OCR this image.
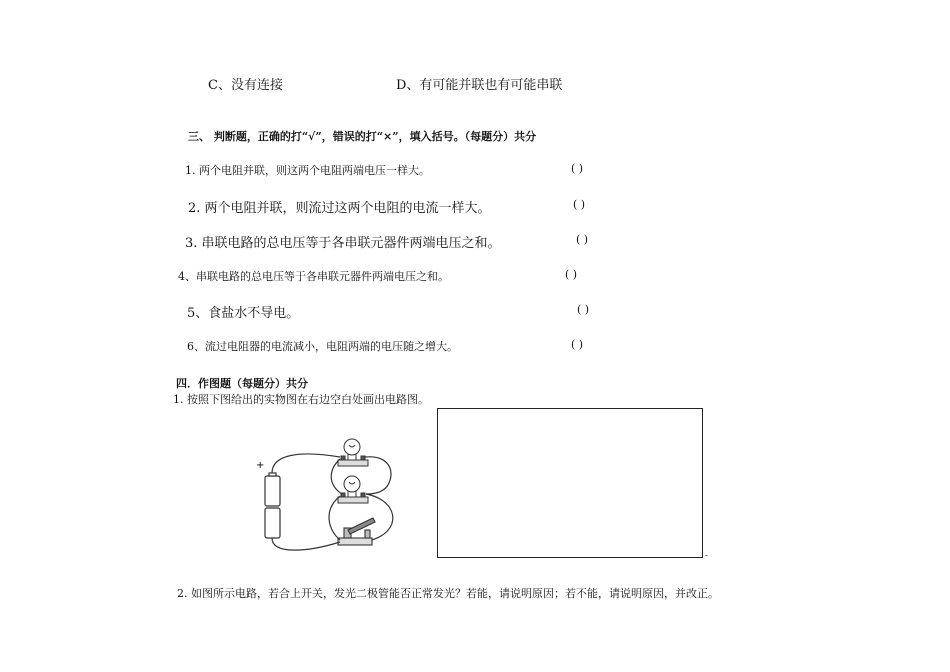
C、没有连接	D、有可能并联也有可能串联
三、 判断题，正确的打“√”，错误的打“×”，填入括号。（每题分）共分
1. 两个电阻并联，则这两个电阻两端电压一样大。	( )
2. 两个电阻并联，则流过这两个电阻的电流一样大。	( )
3. 串联电路的总电压等于各串联元器件两端电压之和。	( )
4、串联电路的总电压等于各串联元器件两端电压之和。	( )
5、食盐水不导电。	( )
6、流过电阻器的电流减小，电阻两端的电压随之增大。	( )
四．作图题（每题分）共分
1. 按照下图给出的实物图在右边空白处画出电路图。
+
-
2. 如图所示电路，若合上开关，发光二极管能否正常发光？若能，请说明原因；若不能，请说明原因，并改正。
